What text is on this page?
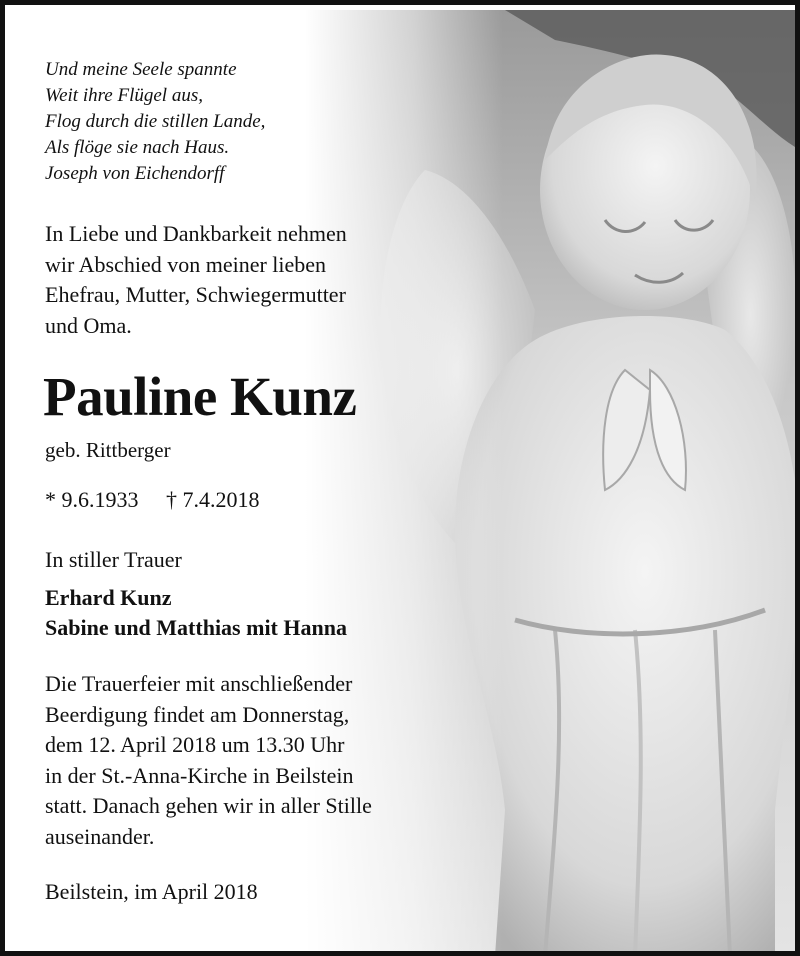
Und meine Seele spannte
Weit ihre Flügel aus,
Flog durch die stillen Lande,
Als flöge sie nach Haus.
Joseph von Eichendorff
In Liebe und Dankbarkeit nehmen
wir Abschied von meiner lieben
Ehefrau, Mutter, Schwiegermutter
und Oma.
Pauline Kunz
geb. Rittberger
* 9.6.1933 † 7.4.2018
In stiller Trauer
Erhard Kunz
Sabine und Matthias mit Hanna
Die Trauerfeier mit anschließender
Beerdigung findet am Donnerstag,
dem 12. April 2018 um 13.30 Uhr
in der St.-Anna-Kirche in Beilstein
statt. Danach gehen wir in aller Stille
auseinander.
Beilstein, im April 2018
